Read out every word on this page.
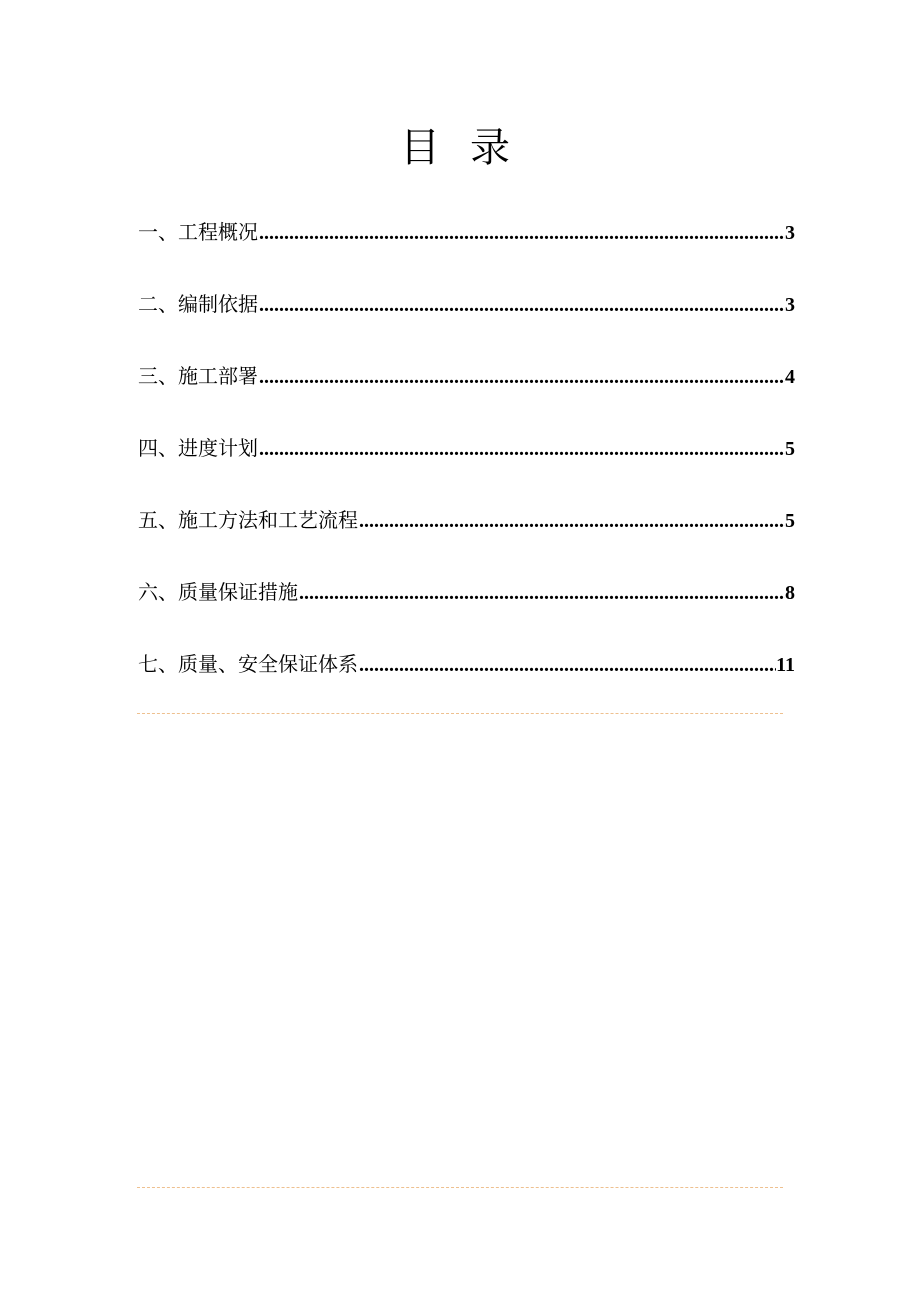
目 录
一、工程概况 .....	3
二、编制依据 .....	3
三、施工部署 .....	4
四、进度计划 .....	5
五、施工方法和工艺流程 .....	5
六、质量保证措施 .....	8
七、质量、安全保证体系 .....	11
